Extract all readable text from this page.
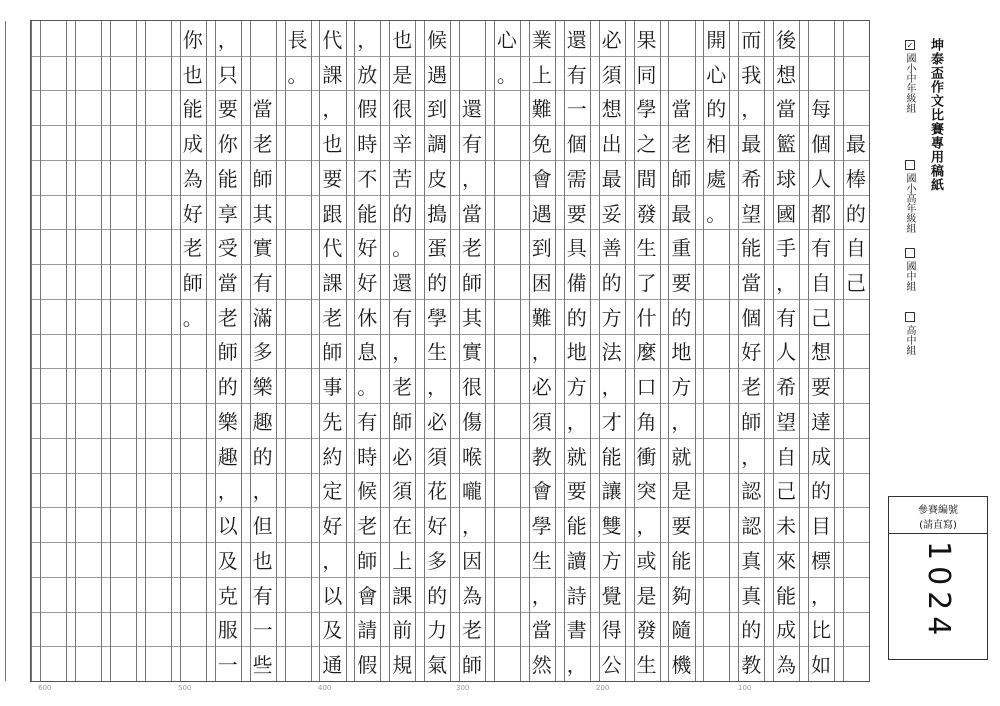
最
棒
的
自
己
每
個
人
都
有
自
己
想
要
達
成
的
目
標
，
比
如
後
想
當
籃
球
國
手
，
有
人
希
望
自
己
未
來
能
成
為
而
我
，
最
希
望
能
當
個
好
老
師
，
認
認
真
真
的
教
開
心
的
相
處
。
當
老
師
最
重
要
的
地
方
，
就
是
要
能
夠
隨
機
果
同
學
之
間
發
生
了
什
麼
口
角
衝
突
，
或
是
發
生
必
須
想
出
最
妥
善
的
方
法
，
才
能
讓
雙
方
覺
得
公
還
有
一
個
需
要
具
備
的
地
方
，
就
要
能
讀
詩
書
，
業
上
難
免
會
遇
到
困
難
，
必
須
教
會
學
生
，
當
然
心
。
還
有
，
當
老
師
其
實
很
傷
喉
嚨
，
因
為
老
師
候
遇
到
調
皮
搗
蛋
的
學
生
，
必
須
花
好
多
的
力
氣
也
是
很
辛
苦
的
。
還
有
，
老
師
必
須
在
上
課
前
規
，
放
假
時
不
能
好
好
休
息
。
有
時
候
老
師
會
請
假
代
課
，
也
要
跟
代
課
老
師
事
先
約
定
好
，
以
及
通
長
。
當
老
師
其
實
有
滿
多
樂
趣
的
，
但
也
有
一
些
，
只
要
你
能
享
受
當
老
師
的
樂
趣
，
以
及
克
服
一
你
也
能
成
為
好
老
師
。
坤泰盃作文比賽專用稿紙
✓
國小中年級組
國小高年級組
國中組
高中組
參賽編號
(請直寫)
1024
600	500	400	300	200	100
